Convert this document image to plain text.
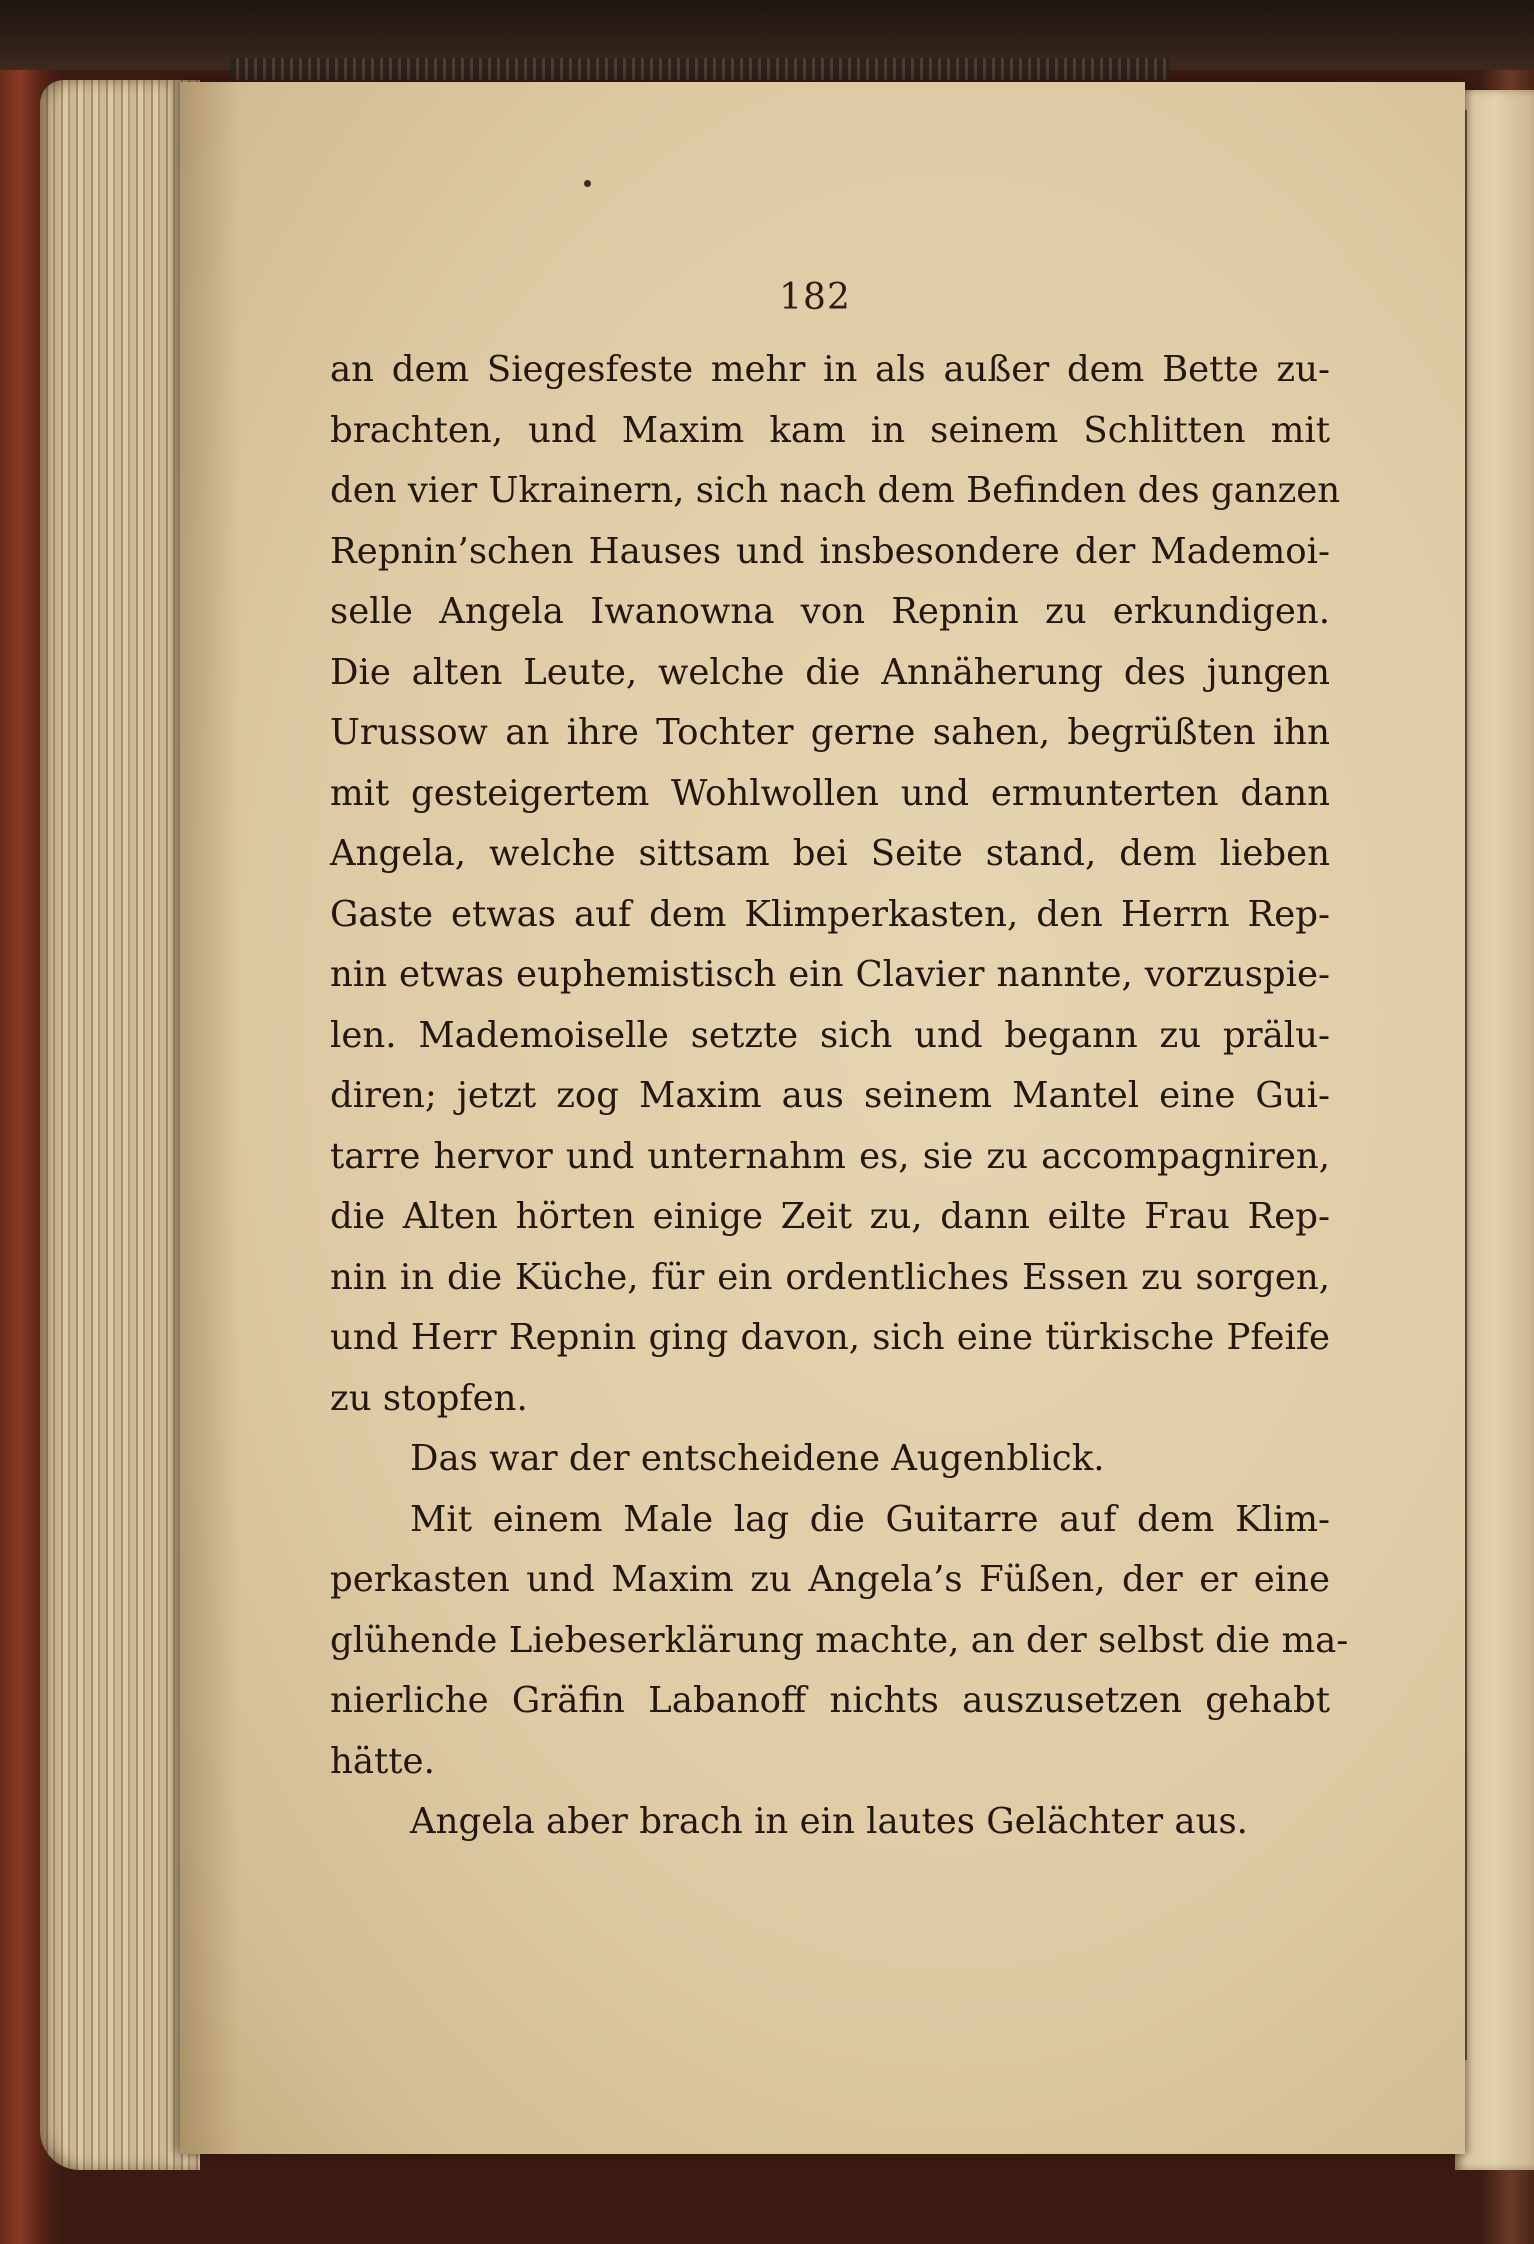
182
an dem Siegesfeste mehr in als außer dem Bette zu-
brachten, und Maxim kam in seinem Schlitten mit
den vier Ukrainern, sich nach dem Befinden des ganzen
Repnin’schen Hauses und insbesondere der Mademoi-
selle Angela Iwanowna von Repnin zu erkundigen.
Die alten Leute, welche die Annäherung des jungen
Urussow an ihre Tochter gerne sahen, begrüßten ihn
mit gesteigertem Wohlwollen und ermunterten dann
Angela, welche sittsam bei Seite stand, dem lieben
Gaste etwas auf dem Klimperkasten, den Herrn Rep-
nin etwas euphemistisch ein Clavier nannte, vorzuspie-
len. Mademoiselle setzte sich und begann zu prälu-
diren; jetzt zog Maxim aus seinem Mantel eine Gui-
tarre hervor und unternahm es, sie zu accompagniren,
die Alten hörten einige Zeit zu, dann eilte Frau Rep-
nin in die Küche, für ein ordentliches Essen zu sorgen,
und Herr Repnin ging davon, sich eine türkische Pfeife
zu stopfen.
Das war der entscheidene Augenblick.
Mit einem Male lag die Guitarre auf dem Klim-
perkasten und Maxim zu Angela’s Füßen, der er eine
glühende Liebeserklärung machte, an der selbst die ma-
nierliche Gräfin Labanoff nichts auszusetzen gehabt
hätte.
Angela aber brach in ein lautes Gelächter aus.
